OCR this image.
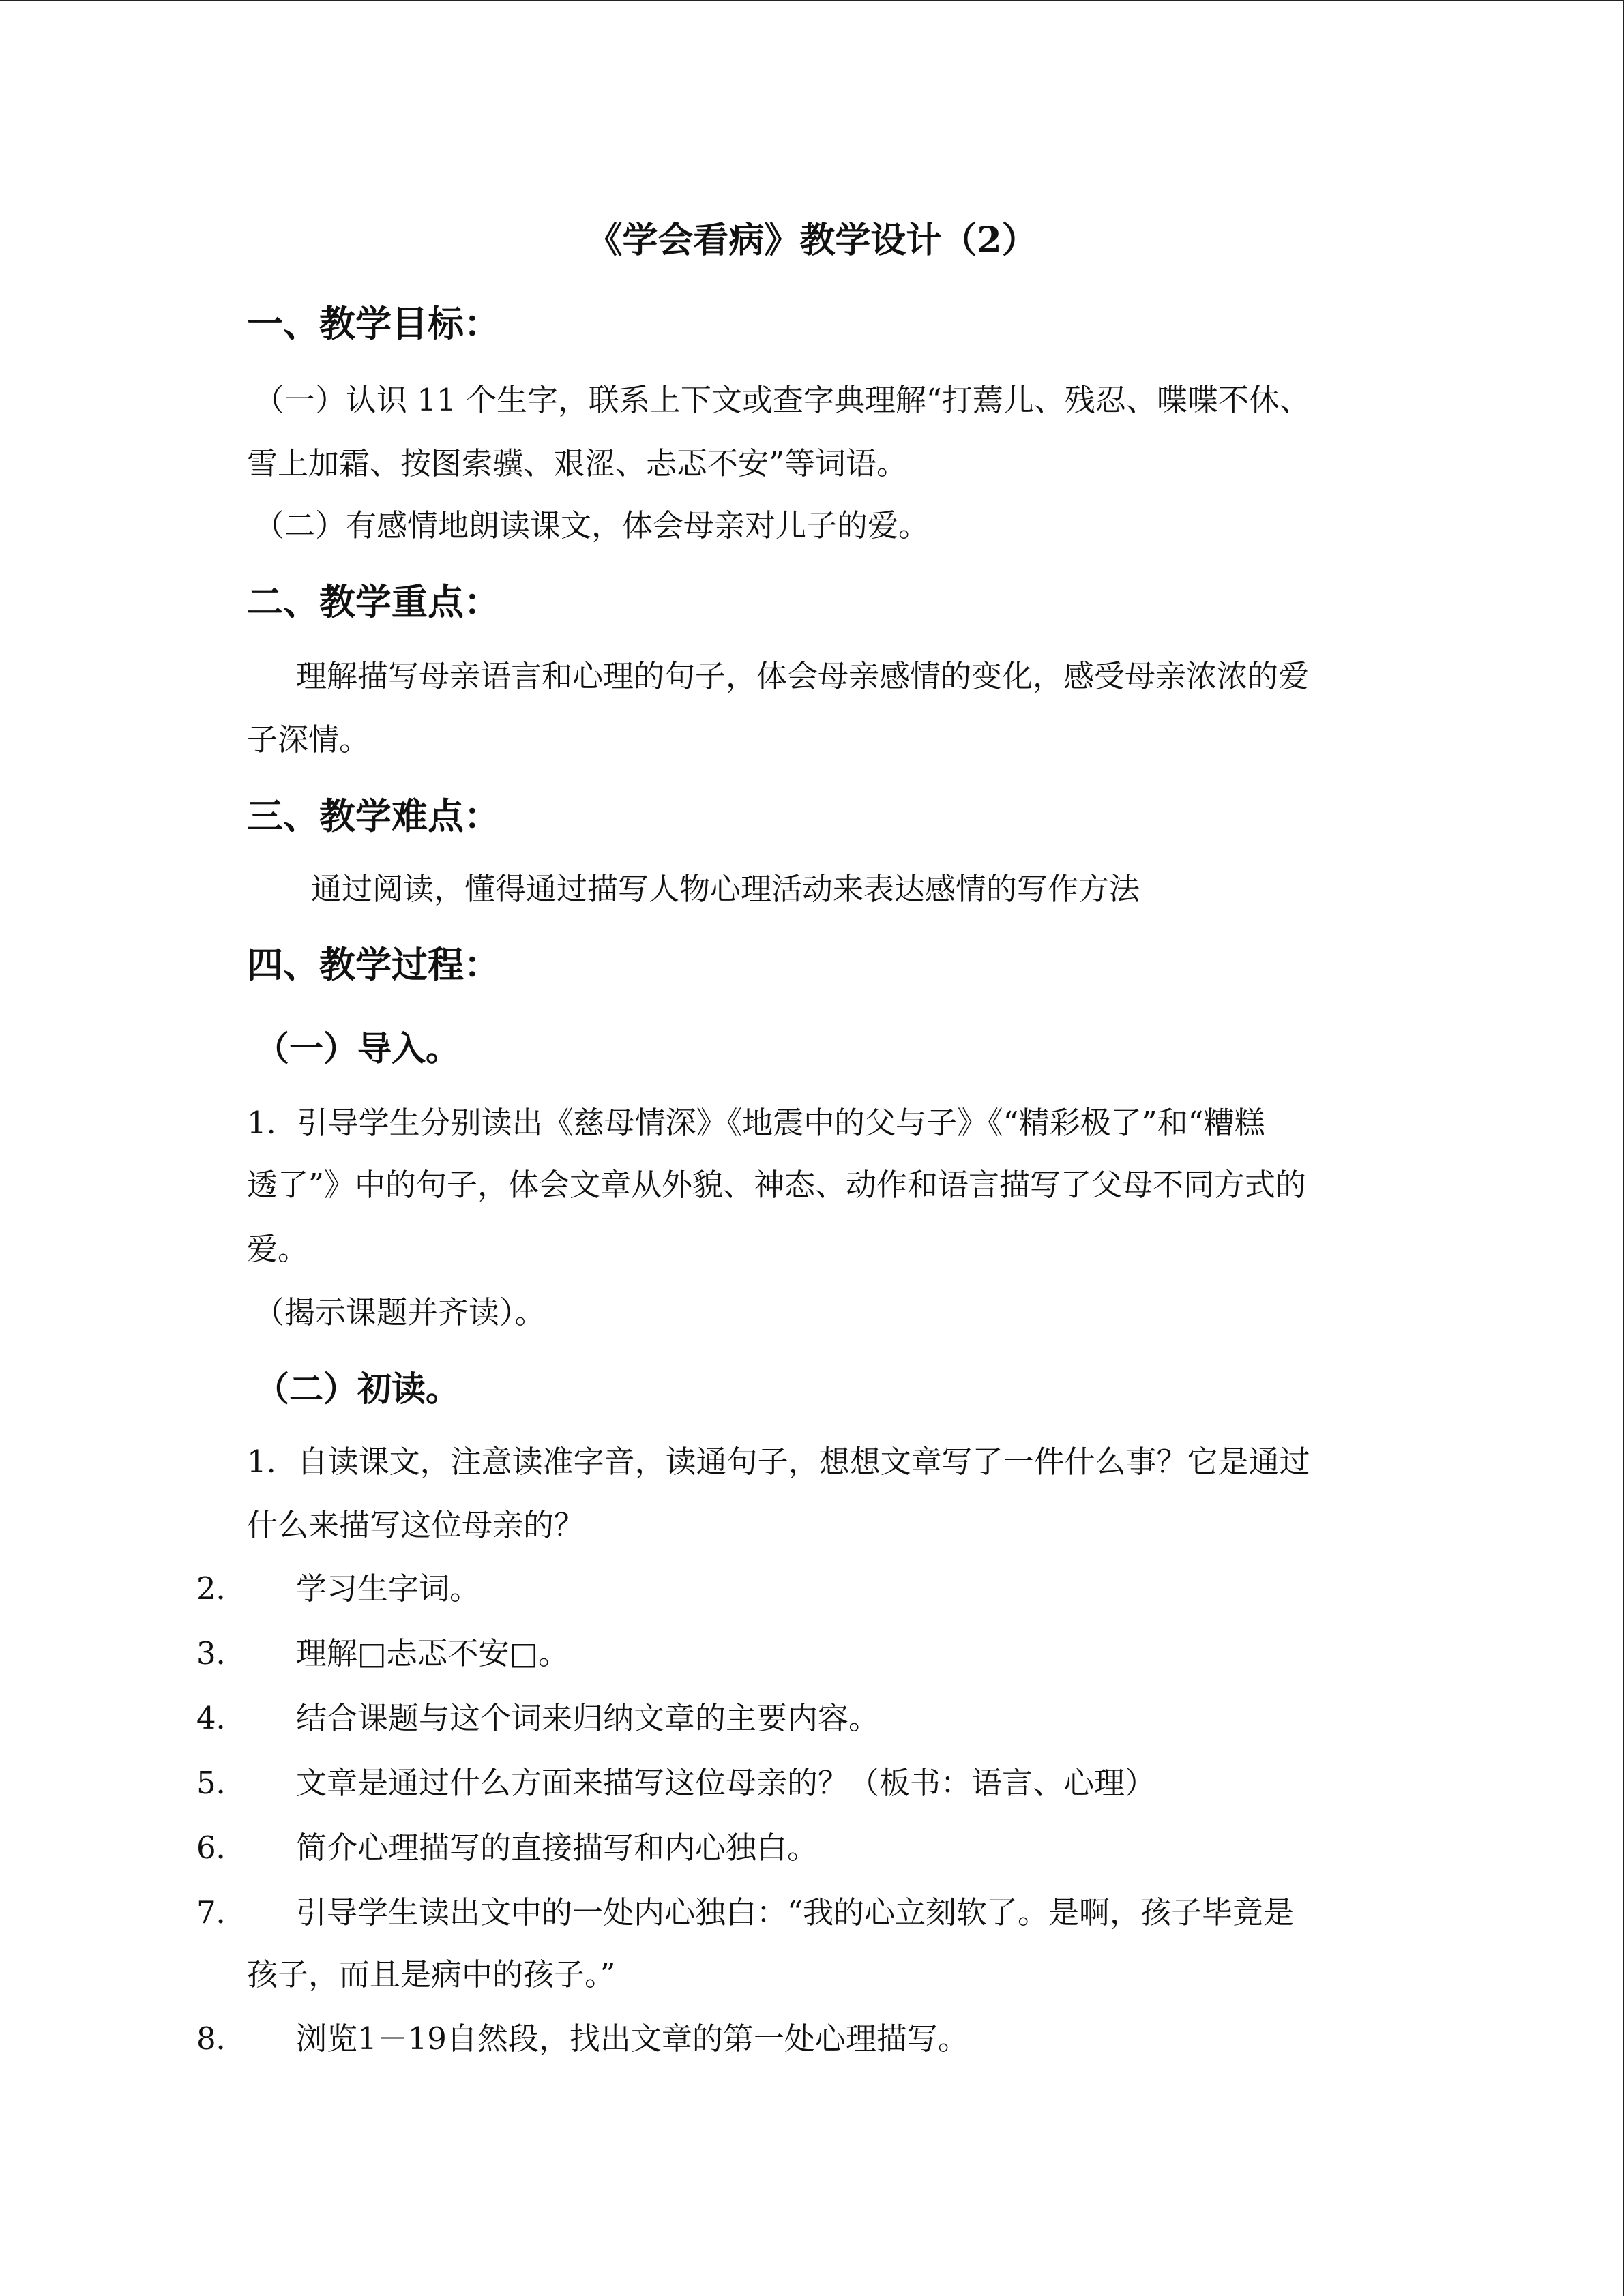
《学会看病》教学设计（2）
一、教学目标：
（一）认识 11 个生字，联系上下文或查字典理解“打蔫儿、残忍、喋喋不休、
雪上加霜、按图索骥、艰涩、忐忑不安”等词语。
（二）有感情地朗读课文，体会母亲对儿子的爱。
二、教学重点：
理解描写母亲语言和心理的句子，体会母亲感情的变化，感受母亲浓浓的爱
子深情。
三、教学难点：
通过阅读，懂得通过描写人物心理活动来表达感情的写作方法
四、教学过程：
（一）导入。
1．引导学生分别读出《慈母情深》《地震中的父与子》《“精彩极了”和“糟糕
透了”》中的句子，体会文章从外貌、神态、动作和语言描写了父母不同方式的
爱。
（揭示课题并齐读）。
（二）初读。
1．自读课文，注意读准字音，读通句子，想想文章写了一件什么事？它是通过
什么来描写这位母亲的？
2． 学习生字词。
3． 理解□忐忑不安□。
4． 结合课题与这个词来归纳文章的主要内容。
5． 文章是通过什么方面来描写这位母亲的？（板书：语言、心理）
6． 简介心理描写的直接描写和内心独白。
7． 引导学生读出文中的一处内心独白：“我的心立刻软了。是啊，孩子毕竟是
孩子，而且是病中的孩子。”
8． 浏览1－19自然段，找出文章的第一处心理描写。
